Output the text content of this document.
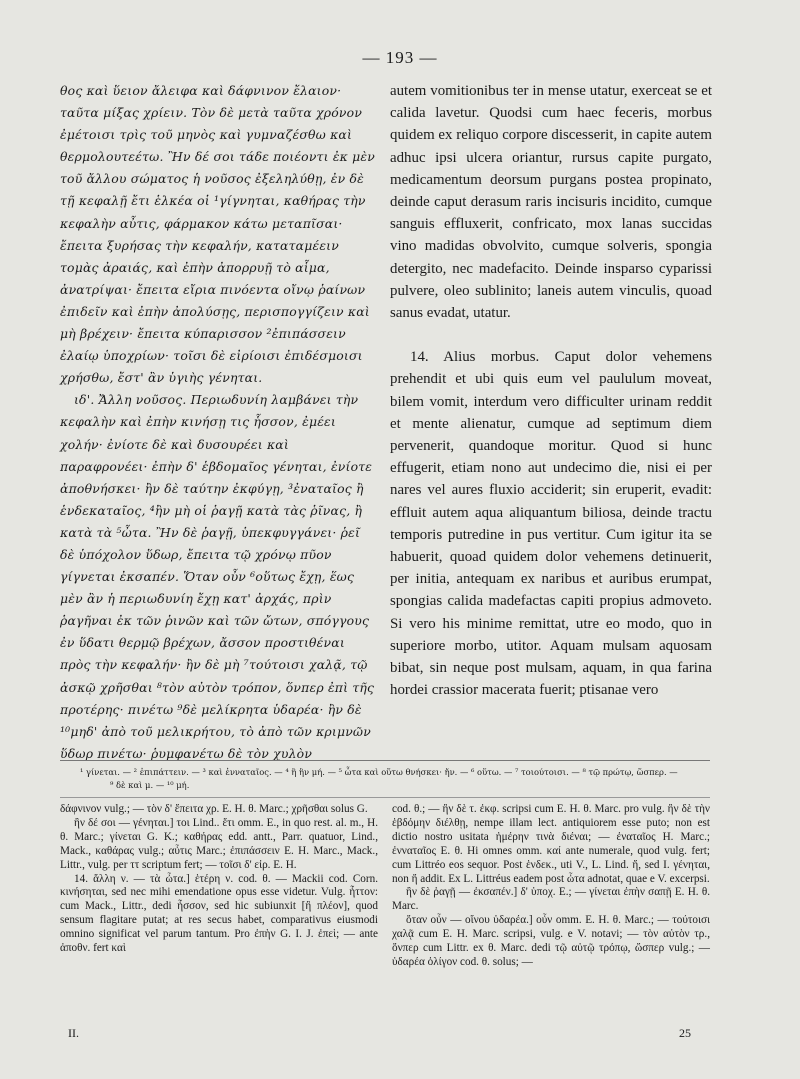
— 193 —

θος καὶ ὕειον ἄλειφα καὶ δάφνινον ἔλαιον· ταῦτα μίξας χρίειν. Τὸν δὲ μετὰ ταῦτα χρόνον ἐμέτοισι τρὶς τοῦ μηνὸς καὶ γυμναζέσθω καὶ θερμολουτεέτω. Ἢν δέ σοι τάδε ποιέοντι ἐκ μὲν τοῦ ἄλλου σώματος ἡ νοῦσος ἐξεληλύθῃ, ἐν δὲ τῇ κεφαλῇ ἔτι ἑλκέα οἱ ¹γίγνηται, καθήρας τὴν κεφαλὴν αὖτις, φάρμακον κάτω μεταπῖσαι· ἔπειτα ξυρήσας τὴν κεφαλήν, καταταμέειν τομὰς ἀραιάς, καὶ ἐπὴν ἀπορρυῇ τὸ αἷμα, ἀνατρίψαι· ἔπειτα εἴρια πινόεντα οἴνῳ ῥαίνων ἐπιδεῖν καὶ ἐπὴν ἀπολύσῃς, περισπογγίζειν καὶ μὴ βρέχειν· ἔπειτα κύπαρισσον ²ἐπιπάσσειν ἐλαίῳ ὑποχρίων· τοῖσι δὲ εἰρίοισι ἐπιδέσμοισι χρήσθω, ἔστ' ἂν ὑγιὴς γένηται.

ιδ'. Ἄλλη νοῦσος. Περιωδυνίη λαμβάνει τὴν κεφαλὴν καὶ ἐπὴν κινήσῃ τις ἧσσον, ἐμέει χολήν· ἐνίοτε δὲ καὶ δυσουρέει καὶ παραφρονέει· ἐπὴν δ' ἑβδομαῖος γένηται, ἐνίοτε ἀποθνήσκει· ἢν δὲ ταύτην ἐκφύγῃ, ³ἐναταῖος ἢ ἑνδεκαταῖος, ⁴ἢν μὴ οἱ ῥαγῇ κατὰ τὰς ῥῖνας, ἢ κατὰ τὰ ⁵ὦτα. Ἢν δὲ ῥαγῇ, ὑπεκφυγγάνει· ῥεῖ δὲ ὑπόχολον ὕδωρ, ἔπειτα τῷ χρόνῳ πῦον γίγνεται ἐκσαπέν. Ὅταν οὖν ⁶οὕτως ἔχῃ, ἕως μὲν ἂν ἡ περιωδυνίη ἔχῃ κατ' ἀρχάς, πρὶν ῥαγῆναι ἐκ τῶν ῥινῶν καὶ τῶν ὤτων, σπόγγους ἐν ὕδατι θερμῷ βρέχων, ἄσσον προστιθέναι πρὸς τὴν κεφαλήν· ἢν δὲ μὴ ⁷τούτοισι χαλᾷ, τῷ ἀσκῷ χρῆσθαι ⁸τὸν αὐτὸν τρόπον, ὅνπερ ἐπὶ τῆς προτέρης· πινέτω ⁹δὲ μελίκρητα ὑδαρέα· ἢν δὲ ¹⁰μηδ' ἀπὸ τοῦ μελικρήτου, τὸ ἀπὸ τῶν κριμνῶν ὕδωρ πινέτω· ῥυμφανέτω δὲ τὸν χυλὸν

autem vomitionibus ter in mense utatur, exerceat se et calida lavetur. Quodsi cum haec feceris, morbus quidem ex reliquo corpore discesserit, in capite autem adhuc ipsi ulcera oriantur, rursus capite purgato, medicamentum deorsum purgans postea propinato, deinde caput derasum raris incisuris incidito, cumque sanguis effluxerit, confricato, mox lanas succidas vino madidas obvolvito, cumque solveris, spongia detergito, nec madefacito. Deinde insparso cyparissi pulvere, oleo sublinito; laneis autem vinculis, quoad sanus evadat, utatur.

14. Alius morbus. Caput dolor vehemens prehendit et ubi quis eum vel paululum moveat, bilem vomit, interdum vero difficulter urinam reddit et mente alienatur, cumque ad septimum diem pervenerit, quandoque moritur. Quod si hunc effugerit, etiam nono aut undecimo die, nisi ei per nares vel aures fluxio acciderit; sin eruperit, evadit: effluit autem aqua aliquantum biliosa, deinde tractu temporis putredine in pus vertitur. Cum igitur ita se habuerit, quoad quidem dolor vehemens detinuerit, per initia, antequam ex naribus et auribus erumpat, spongias calida madefactas capiti propius admoveto. Si vero his minime remittat, utre eo modo, quo in superiore morbo, utitor. Aquam mulsam aquosam bibat, sin neque post mulsam, aquam, in qua farina hordei crassior macerata fuerit; ptisanae vero

¹ γίνεται. — ² ἐπιπάττειν. — ³ καὶ ἐνναταῖος. — ⁴ ἢ ἢν μή. — ⁵ ὦτα καὶ οὕτω θνήσκει· ἤν. — ⁶ οὕτω. — ⁷ τοιούτοισι. — ⁸ τῷ πρώτῳ, ὥσπερ. —
⁹ δὲ καὶ μ. — ¹⁰ μή.

δάφνινον vulg.; — τὸν δ' ἔπειτα χρ. E. H. θ. Marc.; χρῆσθαι solus G.

ἢν δέ σοι — γένηται.] τοι Lind.. ἔτι omm. E., in quo rest. al. m., H. θ. Marc.; γίνεται G. K.; καθήρας edd. antt., Parr. quatuor, Lind., Mack., καθάρας vulg.; αὖτις Marc.; ἐπιπάσσειν E. H. Marc., Mack., Littr., vulg. per ττ scriptum fert; — τοῖσι δ' εἰρ. E. H.

14. ἄλλη ν. — τὰ ὦτα.] ἑτέρη ν. cod. θ. — Mackii cod. Corn. κινήσηται, sed nec mihi emendatione opus esse videtur. Vulg. ἧττον: cum Mack., Littr., dedi ἧσσον, sed hic subiunxit [ἢ πλέον], quod sensum flagitare putat; at res secus habet, comparativus eiusmodi omnino significat vel parum tantum. Pro ἐπὴν G. I. J. ἐπεὶ; — ante ἀποθν. fert καὶ

cod. θ.; — ἢν δὲ τ. ἐκφ. scripsi cum E. H. θ. Marc. pro vulg. ἢν δὲ τὴν ἑβδόμην διέλθῃ, nempe illam lect. antiquiorem esse puto; non est dictio nostro usitata ἡμέρην τινὰ διέναι; — ἐναταῖος H. Marc.; ἐνναταῖος E. θ. Hi omnes omm. καί ante numerale, quod vulg. fert; cum Littréo eos sequor. Post ἑνδεκ., uti V., L. Lind. ἤ, sed I. γένηται, non ἤ addit. Ex L. Littréus eadem post ὦτα adnotat, quae e V. excerpsi.

ἢν δὲ ῥαγῇ — ἐκσαπέν.] δ' ὑποχ. E.; — γίνεται ἐπὴν σαπῇ E. H. θ. Marc.

ὅταν οὖν — οἴνου ὑδαρέα.] οὖν omm. E. H. θ. Marc.; — τούτοισι χαλᾷ cum E. H. Marc. scripsi, vulg. e V. notavi; — τὸν αὐτὸν τρ., ὅνπερ cum Littr. ex θ. Marc. dedi τῷ αὐτῷ τρόπῳ, ὥσπερ vulg.; — ὑδαρέα ὀλίγον cod. θ. solus; —

II.	25
